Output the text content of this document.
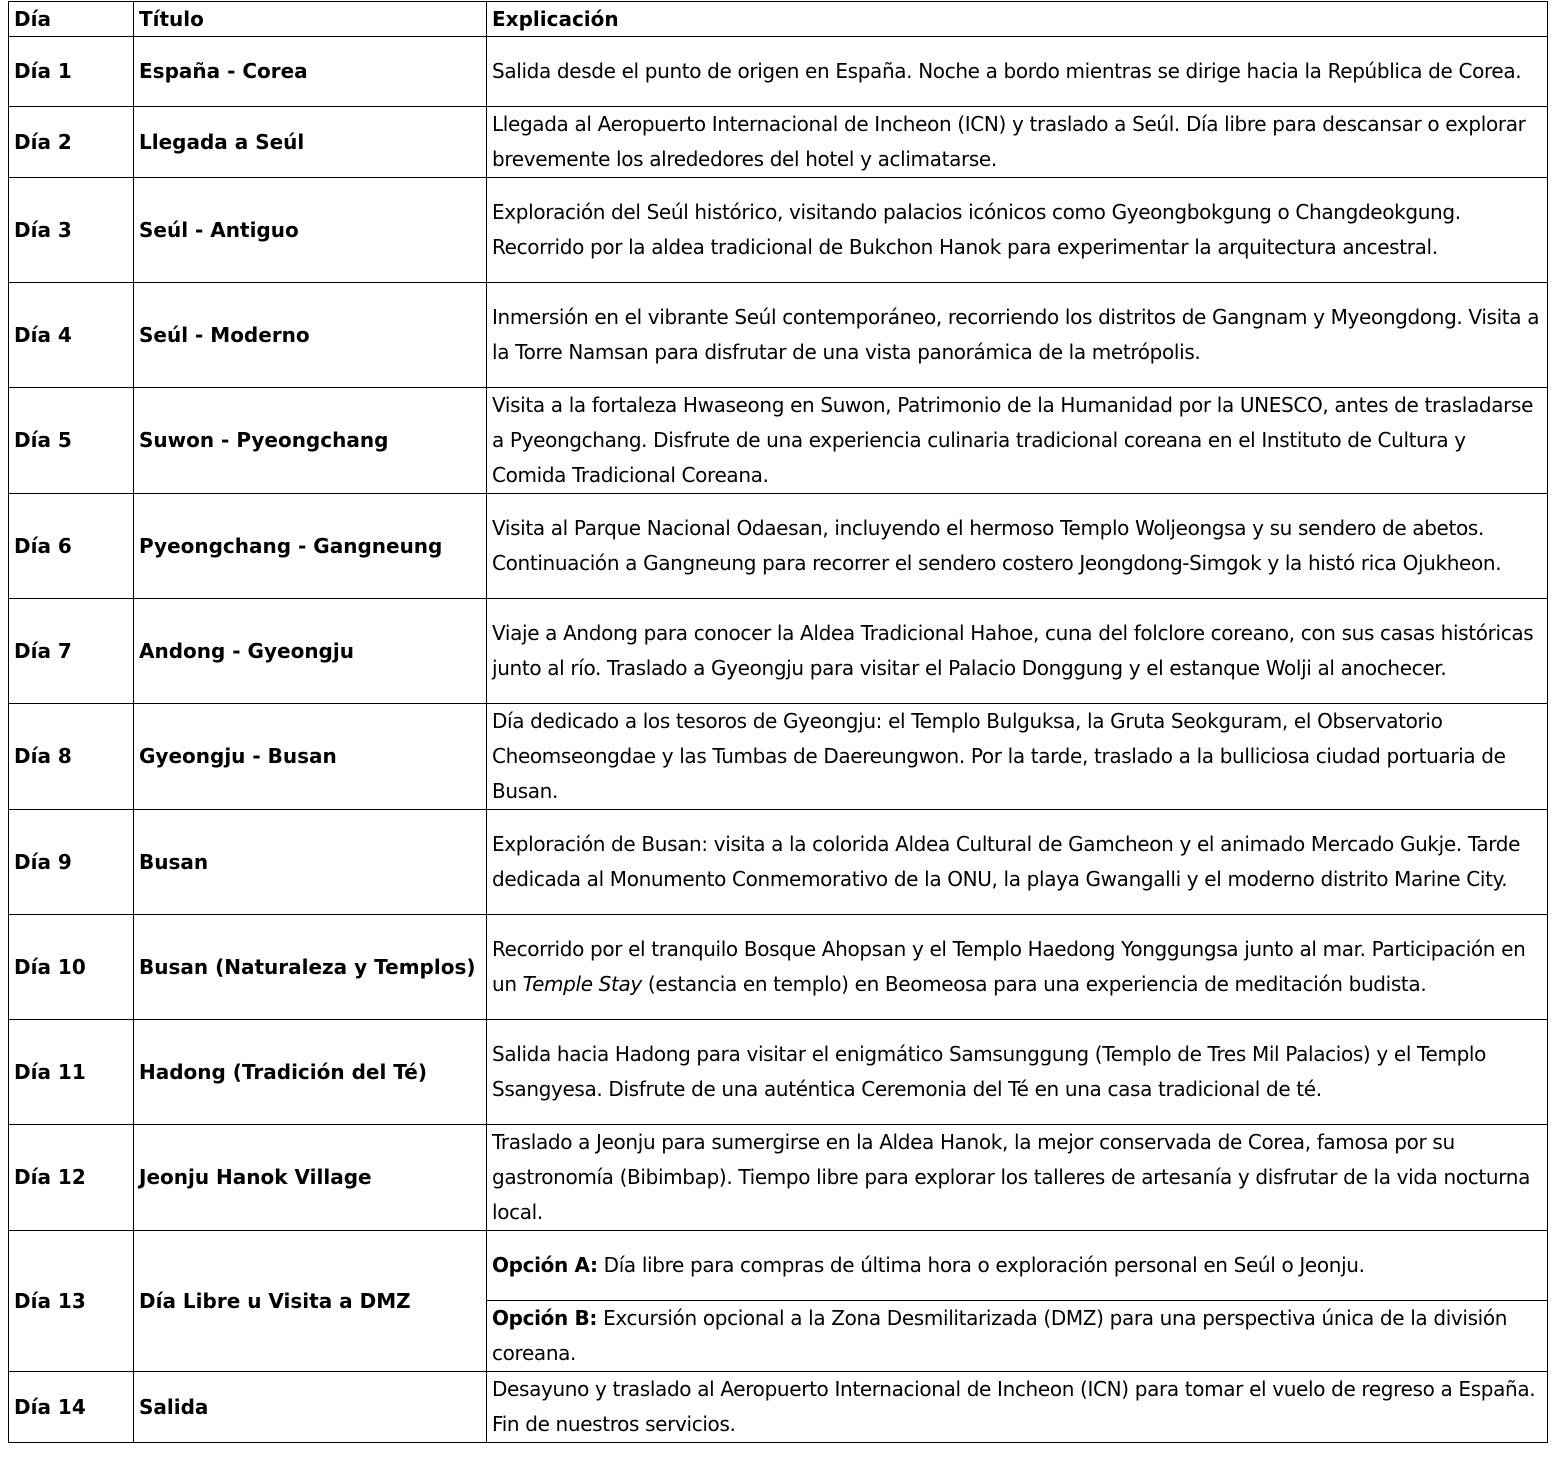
Día	Título	Explicación
Día 1	España - Corea	Salida desde el punto de origen en España. Noche a bordo mientras se dirige hacia la República de Corea.
Día 2	Llegada a Seúl	Llegada al Aeropuerto Internacional de Incheon (ICN) y traslado a Seúl. Día libre para descansar o explorar brevemente los alrededores del hotel y aclimatarse.
Día 3	Seúl - Antiguo	Exploración del Seúl histórico, visitando palacios icónicos como Gyeongbokgung o Changdeokgung. Recorrido por la aldea tradicional de Bukchon Hanok para experimentar la arquitectura ancestral.
Día 4	Seúl - Moderno	Inmersión en el vibrante Seúl contemporáneo, recorriendo los distritos de Gangnam y Myeongdong. Visita a la Torre Namsan para disfrutar de una vista panorámica de la metrópolis.
Día 5	Suwon - Pyeongchang	Visita a la fortaleza Hwaseong en Suwon, Patrimonio de la Humanidad por la UNESCO, antes de trasladarse a Pyeongchang. Disfrute de una experiencia culinaria tradicional coreana en el Instituto de Cultura y Comida Tradicional Coreana.
Día 6	Pyeongchang - Gangneung	Visita al Parque Nacional Odaesan, incluyendo el hermoso Templo Woljeongsa y su sendero de abetos. Continuación a Gangneung para recorrer el sendero costero Jeongdong-Simgok y la histó rica Ojukheon.
Día 7	Andong - Gyeongju	Viaje a Andong para conocer la Aldea Tradicional Hahoe, cuna del folclore coreano, con sus casas históricas junto al río. Traslado a Gyeongju para visitar el Palacio Donggung y el estanque Wolji al anochecer.
Día 8	Gyeongju - Busan	Día dedicado a los tesoros de Gyeongju: el Templo Bulguksa, la Gruta Seokguram, el Observatorio Cheomseongdae y las Tumbas de Daereungwon. Por la tarde, traslado a la bulliciosa ciudad portuaria de Busan.
Día 9	Busan	Exploración de Busan: visita a la colorida Aldea Cultural de Gamcheon y el animado Mercado Gukje. Tarde dedicada al Monumento Conmemorativo de la ONU, la playa Gwangalli y el moderno distrito Marine City.
Día 10	Busan (Naturaleza y Templos)	Recorrido por el tranquilo Bosque Ahopsan y el Templo Haedong Yonggungsa junto al mar. Participación en un Temple Stay (estancia en templo) en Beomeosa para una experiencia de meditación budista.
Día 11	Hadong (Tradición del Té)	Salida hacia Hadong para visitar el enigmático Samsunggung (Templo de Tres Mil Palacios) y el Templo Ssangyesa. Disfrute de una auténtica Ceremonia del Té en una casa tradicional de té.
Día 12	Jeonju Hanok Village	Traslado a Jeonju para sumergirse en la Aldea Hanok, la mejor conservada de Corea, famosa por su gastronomía (Bibimbap). Tiempo libre para explorar los talleres de artesanía y disfrutar de la vida nocturna local.
Día 13	Día Libre u Visita a DMZ	Opción A: Día libre para compras de última hora o exploración personal en Seúl o Jeonju.
		Opción B: Excursión opcional a la Zona Desmilitarizada (DMZ) para una perspectiva única de la división coreana.
Día 14	Salida	Desayuno y traslado al Aeropuerto Internacional de Incheon (ICN) para tomar el vuelo de regreso a España. Fin de nuestros servicios.
